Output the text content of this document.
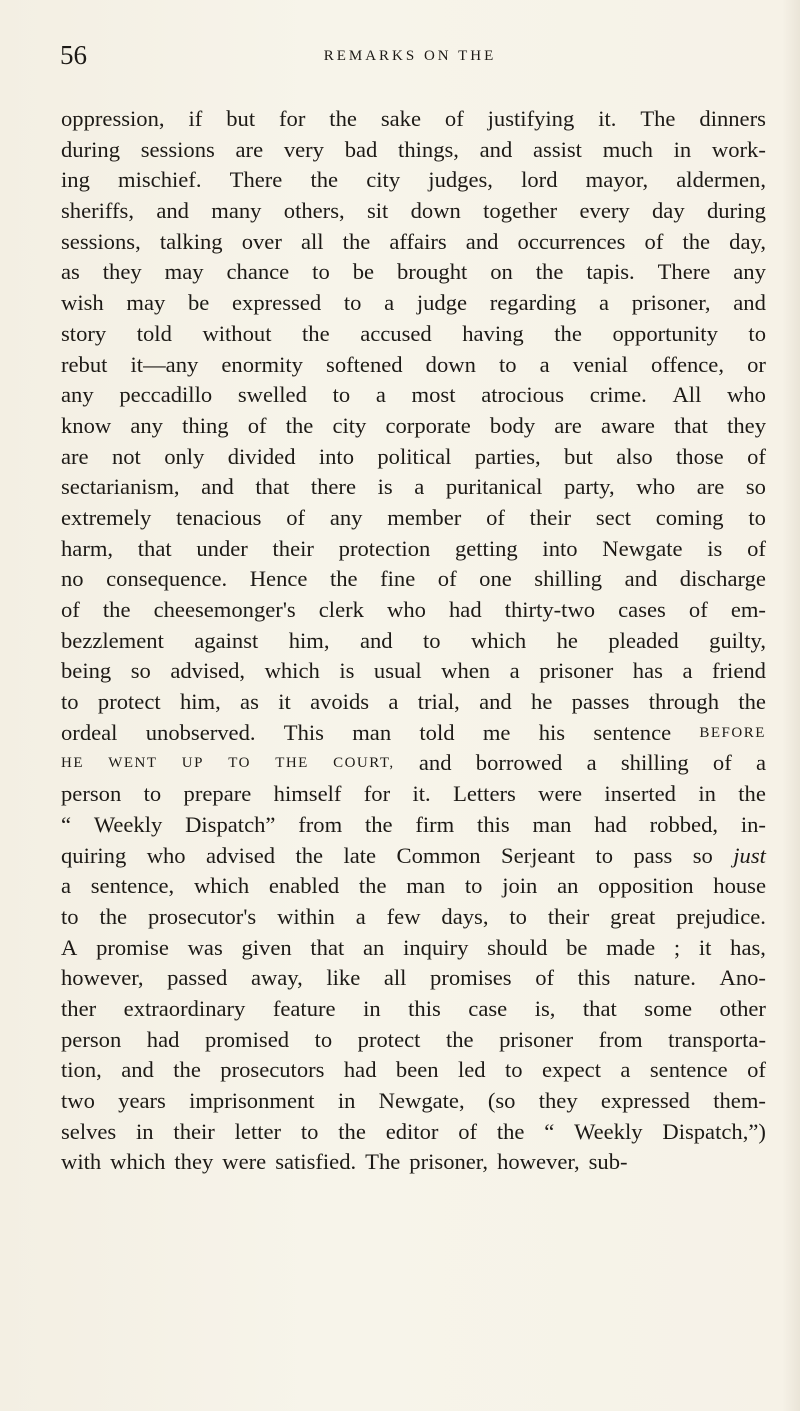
56	REMARKS ON THE
oppression, if but for the sake of justifying it. The dinners
during sessions are very bad things, and assist much in work-
ing mischief. There the city judges, lord mayor, aldermen,
sheriffs, and many others, sit down together every day during
sessions, talking over all the affairs and occurrences of the day,
as they may chance to be brought on the tapis. There any
wish may be expressed to a judge regarding a prisoner, and
story told without the accused having the opportunity to
rebut it—any enormity softened down to a venial offence, or
any peccadillo swelled to a most atrocious crime. All who
know any thing of the city corporate body are aware that they
are not only divided into political parties, but also those of
sectarianism, and that there is a puritanical party, who are so
extremely tenacious of any member of their sect coming to
harm, that under their protection getting into Newgate is of
no consequence. Hence the fine of one shilling and discharge
of the cheesemonger's clerk who had thirty-two cases of em-
bezzlement against him, and to which he pleaded guilty,
being so advised, which is usual when a prisoner has a friend
to protect him, as it avoids a trial, and he passes through the
ordeal unobserved. This man told me his sentence BEFORE
HE WENT UP TO THE COURT, and borrowed a shilling of a
person to prepare himself for it. Letters were inserted in the
“ Weekly Dispatch” from the firm this man had robbed, in-
quiring who advised the late Common Serjeant to pass so just
a sentence, which enabled the man to join an opposition house
to the prosecutor's within a few days, to their great prejudice.
A promise was given that an inquiry should be made ; it has,
however, passed away, like all promises of this nature. Ano-
ther extraordinary feature in this case is, that some other
person had promised to protect the prisoner from transporta-
tion, and the prosecutors had been led to expect a sentence of
two years imprisonment in Newgate, (so they expressed them-
selves in their letter to the editor of the “ Weekly Dispatch,”)
with which they were satisfied. The prisoner, however, sub-
